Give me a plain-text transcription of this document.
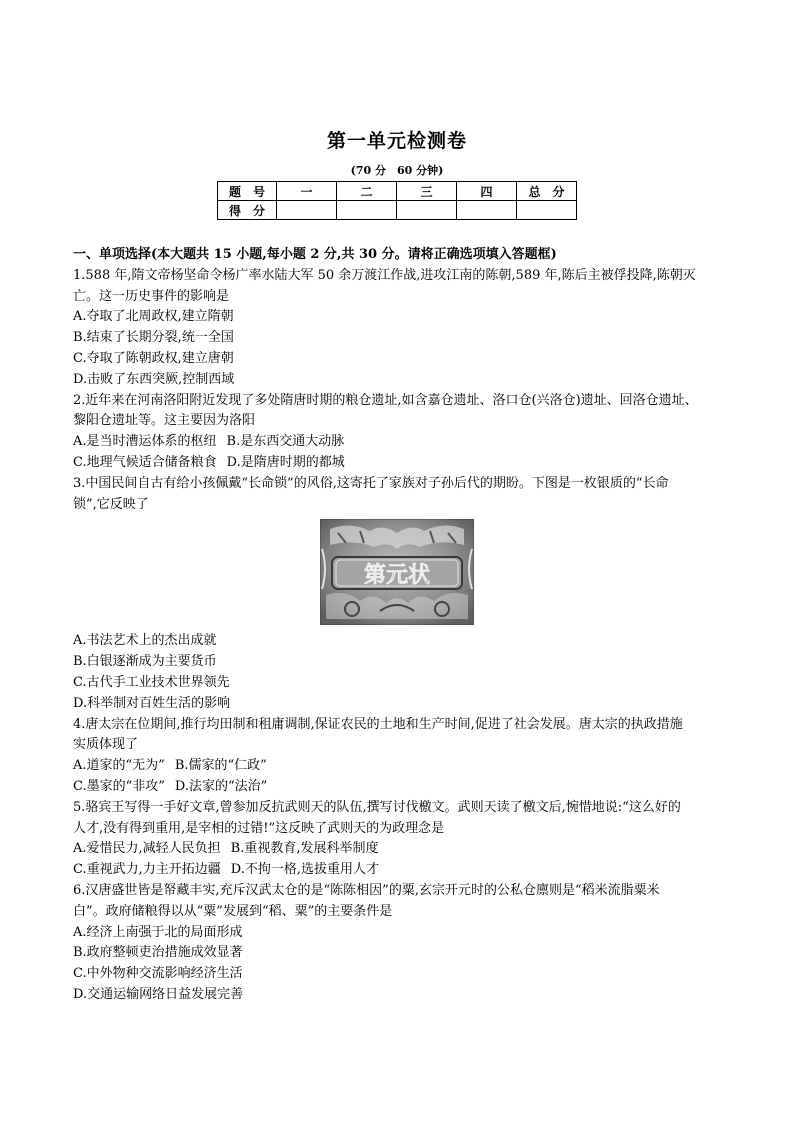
第一单元检测卷
(70 分　60 分钟)
题　号	一	二	三	四	总　分
得　分					

一、单项选择(本大题共 15 小题,每小题 2 分,共 30 分。请将正确选项填入答题框)

1.588 年,隋文帝杨坚命令杨广率水陆大军 50 余万渡江作战,进攻江南的陈朝,589 年,陈后主被俘投降,陈朝灭

亡。这一历史事件的影响是

A.夺取了北周政权,建立隋朝

B.结束了长期分裂,统一全国

C.夺取了陈朝政权,建立唐朝

D.击败了东西突厥,控制西域

2.近年来在河南洛阳附近发现了多处隋唐时期的粮仓遗址,如含嘉仓遗址、洛口仓(兴洛仓)遗址、回洛仓遗址、

黎阳仓遗址等。这主要因为洛阳

A.是当时漕运体系的枢纽 B.是东西交通大动脉

C.地理气候适合储备粮食 D.是隋唐时期的都城

3.中国民间自古有给小孩佩戴“长命锁”的风俗,这寄托了家族对子孙后代的期盼。下图是一枚银质的“长命

锁”,它反映了

第元状

A.书法艺术上的杰出成就

B.白银逐渐成为主要货币

C.古代手工业技术世界领先

D.科举制对百姓生活的影响

4.唐太宗在位期间,推行均田制和租庸调制,保证农民的土地和生产时间,促进了社会发展。唐太宗的执政措施

实质体现了

A.道家的“无为” B.儒家的“仁政”

C.墨家的“非攻” D.法家的“法治”

5.骆宾王写得一手好文章,曾参加反抗武则天的队伍,撰写讨伐檄文。武则天读了檄文后,惋惜地说:“这么好的

人才,没有得到重用,是宰相的过错!”这反映了武则天的为政理念是

A.爱惜民力,减轻人民负担 B.重视教育,发展科举制度

C.重视武力,力主开拓边疆 D.不拘一格,选拔重用人才

6.汉唐盛世皆是帑藏丰实,充斥汉武太仓的是“陈陈相因”的粟,玄宗开元时的公私仓廪则是“稻米流脂粟米

白”。政府储粮得以从“粟”发展到“稻、粟”的主要条件是

A.经济上南强于北的局面形成

B.政府整顿吏治措施成效显著

C.中外物种交流影响经济生活

D.交通运输网络日益发展完善
